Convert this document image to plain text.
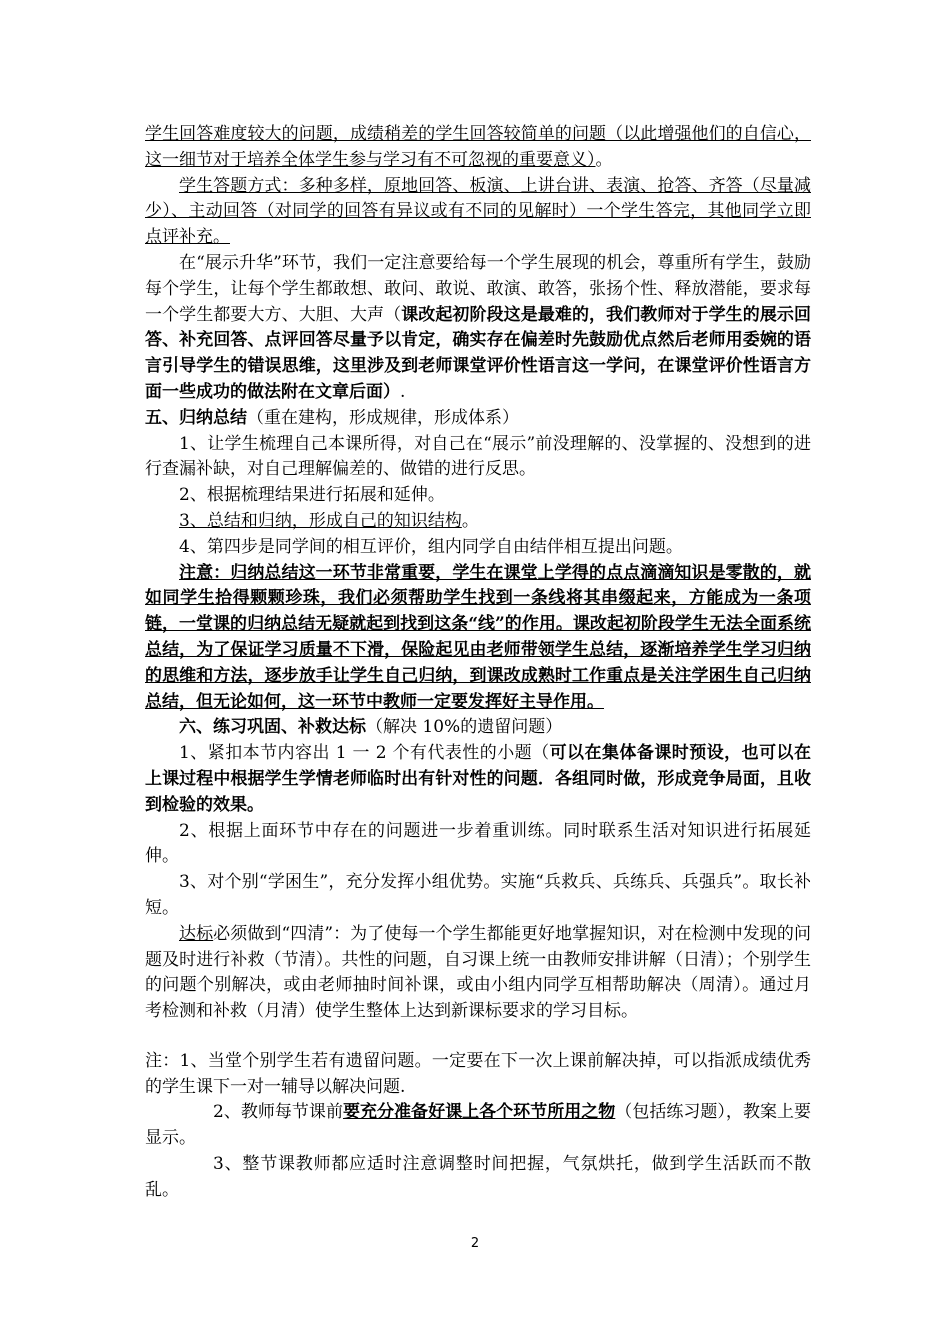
学生回答难度较大的问题，成绩稍差的学生回答较简单的问题（以此增强他们的自信心，这一细节对于培养全体学生参与学习有不可忽视的重要意义）。

学生答题方式：多种多样，原地回答、板演、上讲台讲、表演、抢答、齐答（尽量减少）、主动回答（对同学的回答有异议或有不同的见解时）一个学生答完，其他同学立即点评补充。

在“展示升华”环节，我们一定注意要给每一个学生展现的机会，尊重所有学生，鼓励每个学生，让每个学生都敢想、敢问、敢说、敢演、敢答，张扬个性、释放潜能，要求每一个学生都要大方、大胆、大声（课改起初阶段这是最难的，我们教师对于学生的展示回答、补充回答、点评回答尽量予以肯定，确实存在偏差时先鼓励优点然后老师用委婉的语言引导学生的错误思维，这里涉及到老师课堂评价性语言这一学问，在课堂评价性语言方面一些成功的做法附在文章后面）.

五、归纳总结（重在建构，形成规律，形成体系）

1、让学生梳理自己本课所得，对自己在“展示”前没理解的、没掌握的、没想到的进行查漏补缺，对自己理解偏差的、做错的进行反思。

2、根据梳理结果进行拓展和延伸。

3、总结和归纳，形成自己的知识结构。

4、第四步是同学间的相互评价，组内同学自由结伴相互提出问题。

注意：归纳总结这一环节非常重要，学生在课堂上学得的点点滴滴知识是零散的，就如同学生拾得颗颗珍珠，我们必须帮助学生找到一条线将其串缀起来，方能成为一条项链，一堂课的归纳总结无疑就起到找到这条“线”的作用。课改起初阶段学生无法全面系统总结，为了保证学习质量不下滑，保险起见由老师带领学生总结，逐渐培养学生学习归纳的思维和方法，逐步放手让学生自己归纳，到课改成熟时工作重点是关注学困生自己归纳总结，但无论如何，这一环节中教师一定要发挥好主导作用。

六、练习巩固、补救达标（解决 10%的遗留问题）

1、紧扣本节内容出 1 一 2 个有代表性的小题（可以在集体备课时预设，也可以在上课过程中根据学生学情老师临时出有针对性的问题．各组同时做，形成竞争局面，且收到检验的效果。

2、根据上面环节中存在的问题进一步着重训练。同时联系生活对知识进行拓展延伸。

3、对个别“学困生”，充分发挥小组优势。实施“兵救兵、兵练兵、兵强兵”。取长补短。

达标必须做到“四清”：为了使每一个学生都能更好地掌握知识，对在检测中发现的问题及时进行补救（节清）。共性的问题，自习课上统一由教师安排讲解（日清）；个别学生的问题个别解决，或由老师抽时间补课，或由小组内同学互相帮助解决（周清）。通过月考检测和补救（月清）使学生整体上达到新课标要求的学习目标。

注：1、当堂个别学生若有遗留问题。一定要在下一次上课前解决掉，可以指派成绩优秀的学生课下一对一辅导以解决问题.

2、教师每节课前要充分准备好课上各个环节所用之物（包括练习题），教案上要显示。

3、整节课教师都应适时注意调整时间把握，气氛烘托，做到学生活跃而不散乱。

2
